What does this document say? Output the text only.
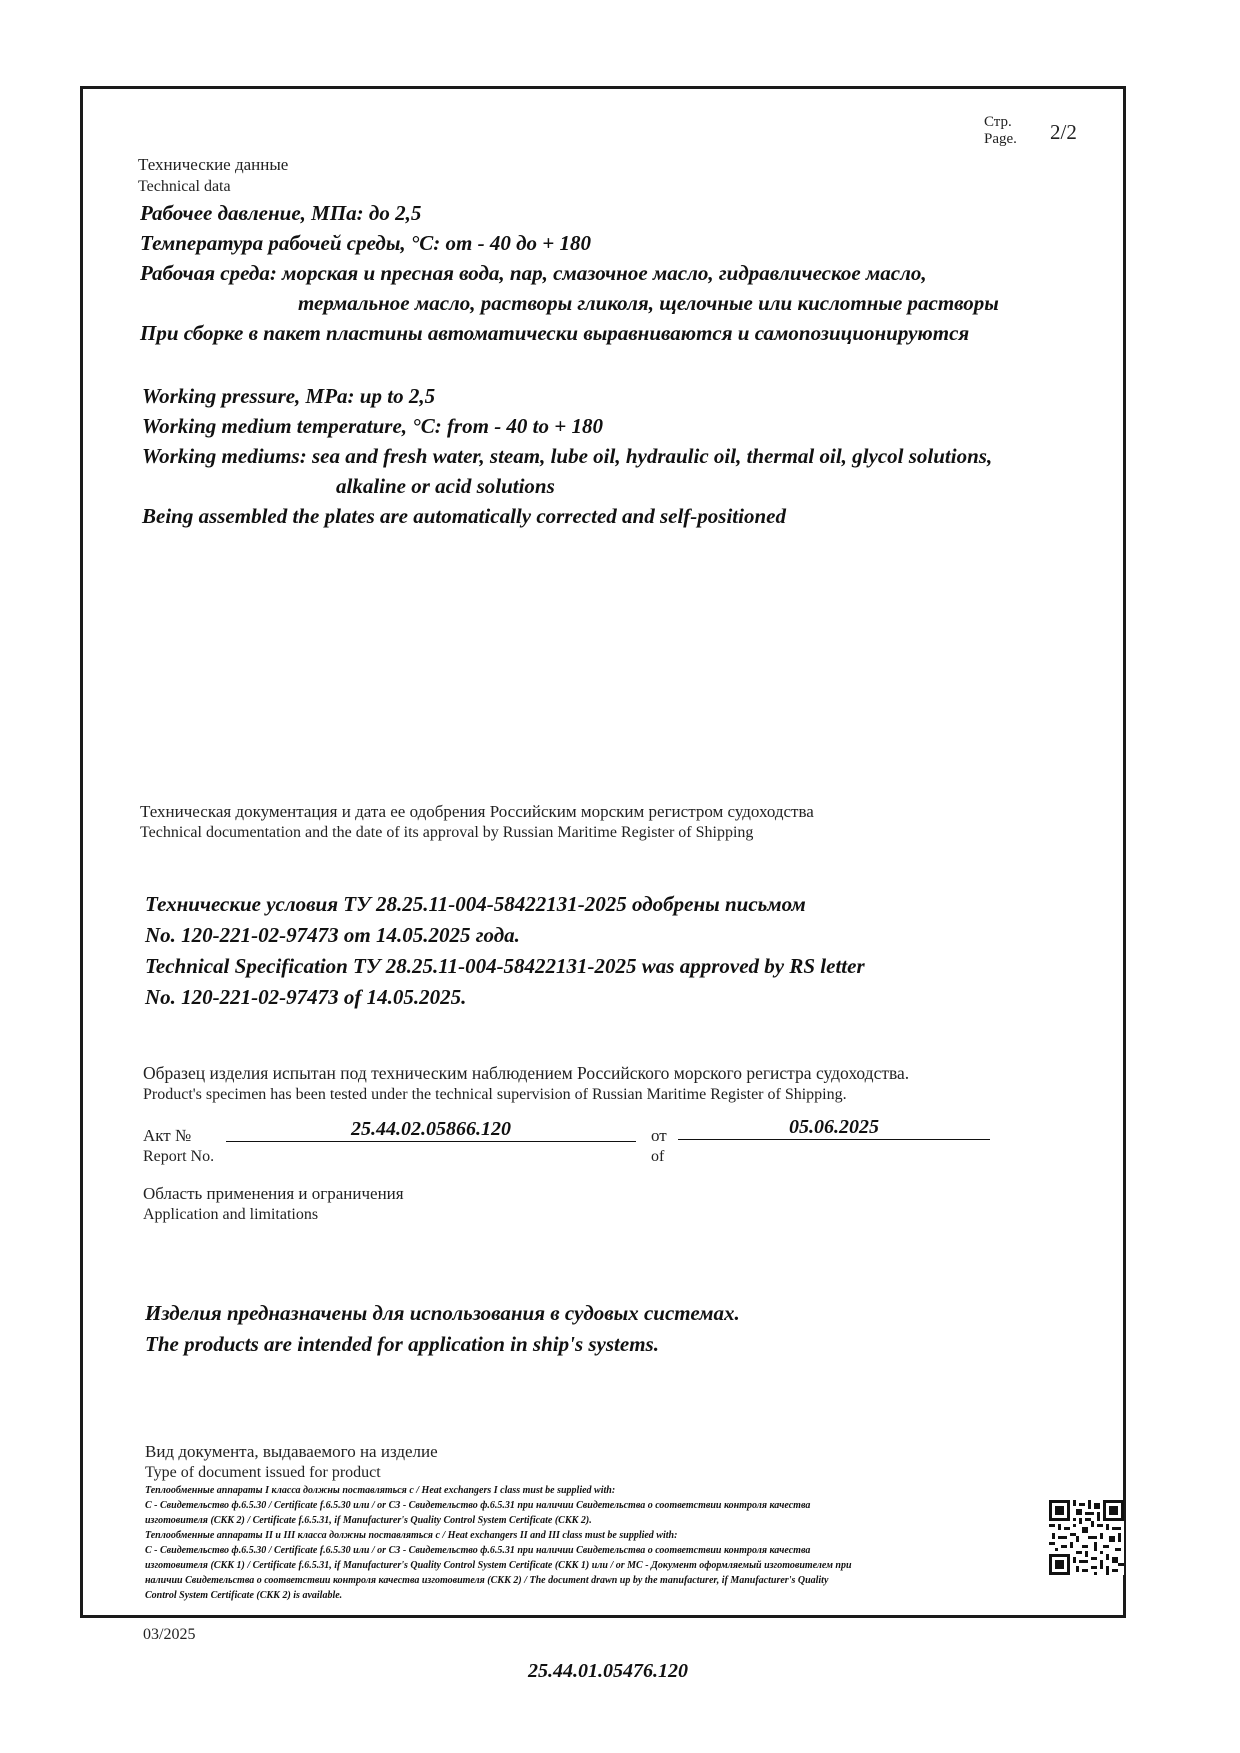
Стр.
Page. 2/2
Технические данные
Technical data
Рабочее давление, МПа: до 2,5
Температура рабочей среды, °С: от - 40 до + 180
Рабочая среда: морская и пресная вода, пар, смазочное масло, гидравлическое масло,
термальное масло, растворы гликоля, щелочные или кислотные растворы
При сборке в пакет пластины автоматически выравниваются и самопозиционируются
Working pressure, MPa: up to 2,5
Working medium temperature, °C: from - 40 to + 180
Working mediums: sea and fresh water, steam, lube oil, hydraulic oil, thermal oil, glycol solutions,
alkaline or acid solutions
Being assembled the plates are automatically corrected and self-positioned
Техническая документация и дата ее одобрения Российским морским регистром судоходства
Technical documentation and the date of its approval by Russian Maritime Register of Shipping
Технические условия ТУ 28.25.11-004-58422131-2025 одобрены письмом
No. 120-221-02-97473 от 14.05.2025 года.
Technical Specification ТУ 28.25.11-004-58422131-2025 was approved by RS letter
No. 120-221-02-97473 of 14.05.2025.
Образец изделия испытан под техническим наблюдением Российского морского регистра судоходства.
Product's specimen has been tested under the technical supervision of Russian Maritime Register of Shipping.
Акт №
Report No.
25.44.02.05866.120	от
of
05.06.2025
Область применения и ограничения
Application and limitations
Изделия предназначены для использования в судовых системах.
The products are intended for application in ship's systems.
Вид документа, выдаваемого на изделие
Type of document issued for product
Теплообменные аппараты I класса должны поставляться с / Heat exchangers I class must be supplied with:
С - Свидетельство ф.6.5.30 / Certificate f.6.5.30 или / or СЗ - Свидетельство ф.6.5.31 при наличии Свидетельства о соответствии контроля качества
изготовителя (СКК 2) / Certificate f.6.5.31, if Manufacturer's Quality Control System Certificate (СКК 2).
Теплообменные аппараты II и III класса должны поставляться с / Heat exchangers II and III class must be supplied with:
С - Свидетельство ф.6.5.30 / Certificate f.6.5.30 или / or СЗ - Свидетельство ф.6.5.31 при наличии Свидетельства о соответствии контроля качества
изготовителя (СКК 1) / Certificate f.6.5.31, if Manufacturer's Quality Control System Certificate (СКК 1) или / or МС - Документ оформляемый изготовителем при
наличии Свидетельства о соответствии контроля качества изготовителя (СКК 2) / The document drawn up by the manufacturer, if Manufacturer's Quality
Control System Certificate (СКК 2) is available.
03/2025
25.44.01.05476.120
